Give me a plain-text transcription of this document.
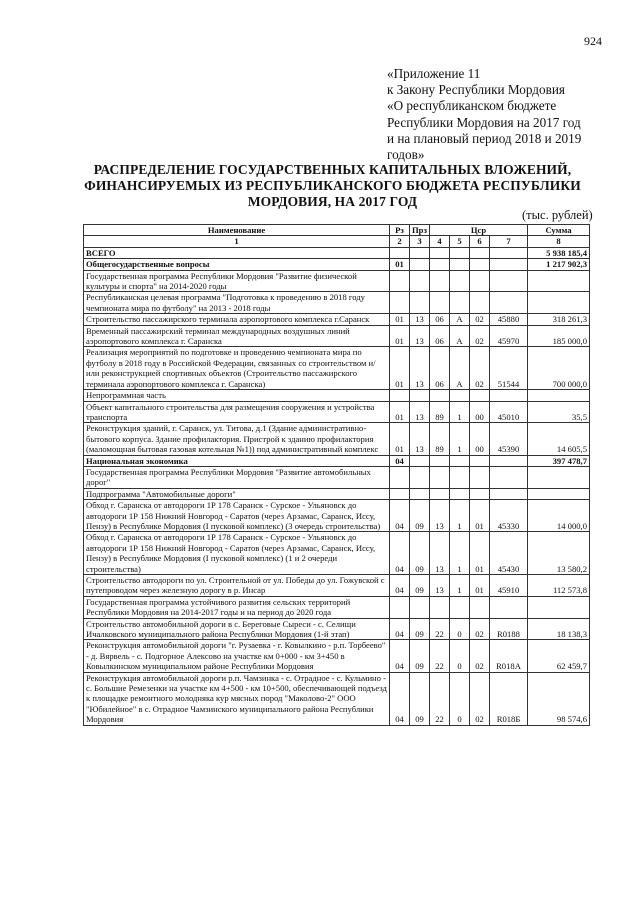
924
«Приложение 11
к Закону Республики Мордовия
«О республиканском бюджете
Республики Мордовия на 2017 год
и на плановый период 2018 и 2019
годов»
РАСПРЕДЕЛЕНИЕ ГОСУДАРСТВЕННЫХ КАПИТАЛЬНЫХ ВЛОЖЕНИЙ,
ФИНАНСИРУЕМЫХ ИЗ РЕСПУБЛИКАНСКОГО БЮДЖЕТА РЕСПУБЛИКИ
МОРДОВИЯ, НА 2017 ГОД
(тыс. рублей)
Наименование	Рз	Прз	Цср				Сумма
1	2	3	4	5	6	7	8
ВСЕГО							5 938 185,4
Общегосударственные вопросы	01						1 217 902,3
Государственная программа Республики Мордовия "Развитие физической культуры и спорта" на 2014-2020 годы							
Республиканская целевая программа "Подготовка к проведению в 2018 году чемпионата мира по футболу" на 2013 - 2018 годы							
Строительство пассажирского терминала аэропортового комплекса г.Саранск	01	13	06	А	02	45880	318 261,3
Временный пассажирский терминал международных воздушных линий аэропортового комплекса г. Саранска	01	13	06	А	02	45970	185 000,0
Реализация мероприятий по подготовке и проведению чемпионата мира по футболу в 2018 году в Российской Федерации, связанных со строительством и/или реконструкцией спортивных объектов (Строительство пассажирского терминала аэропортового комплекса г. Саранска)	01	13	06	А	02	51544	700 000,0
Непрограммная часть							
Объект капитального строительства для размещения сооружения и устройства транспорта	01	13	89	1	00	45010	35,5
Реконструкция зданий, г. Саранск, ул. Титова, д.1 (Здание административно-бытового корпуса. Здание профилактория. Пристрой к зданию профилактория (маломощная бытовая газовая котельная №1)) под административный комплекс	01	13	89	1	00	45390	14 605,5
Национальная экономика	04						397 478,7
Государственная программа Республики Мордовия "Развитие автомобильных дорог"							
Подпрограмма "Автомобильные дороги"							
Обход г. Саранска от автодороги 1Р 178 Саранск - Сурское - Ульяновск до автодороги 1Р 158 Нижний Новгород - Саратов (через Арзамас, Саранск, Иссу, Пензу) в Республике Мордовия (I пусковой комплекс) (3 очередь строительства)	04	09	13	1	01	45330	14 000,0
Обход г. Саранска от автодороги 1Р 178 Саранск - Сурское - Ульяновск до автодороги 1Р 158 Нижний Новгород - Саратов (через Арзамас, Саранск, Иссу, Пензу) в Республике Мордовия (I пусковой комплекс) (1 и 2 очереди строительства)	04	09	13	1	01	45430	13 580,2
Строительство автодороги по ул. Строительной от ул. Победы до ул. Гожувской с путепроводом через железную дорогу в р. Инсар	04	09	13	1	01	45910	112 573,8
Государственная программа устойчивого развития сельских территорий Республики Мордовия на 2014-2017 годы и на период до 2020 года							
Строительство автомобильной дороги в с. Береговые Сыреси - с. Селищи Ичалковского муниципального района Республики Мордовия (1-й этап)	04	09	22	0	02	R0188	18 138,3
Реконструкция автомобильной дороги "г. Рузаевка - г. Ковылкино - р.п. Торбеево" - д. Вярвель - с. Подгорное Алексово на участке км 0+000 - км 3+450 в Ковылкинском муниципальном районе Республики Мордовия	04	09	22	0	02	R018А	62 459,7
Реконструкция автомобильной дороги р.п. Чамзинка - с. Отрадное - с. Кульмино - с. Большие Ремезенки на участке км 4+500 - км 10+500, обеспечивающей подъезд к площадке ремонтного молодняка кур мясных пород "Маколово-2" ООО "Юбилейное" в с. Отрадное Чамзинского муниципального района Республики Мордовия	04	09	22	0	02	R018Б	98 574,6
